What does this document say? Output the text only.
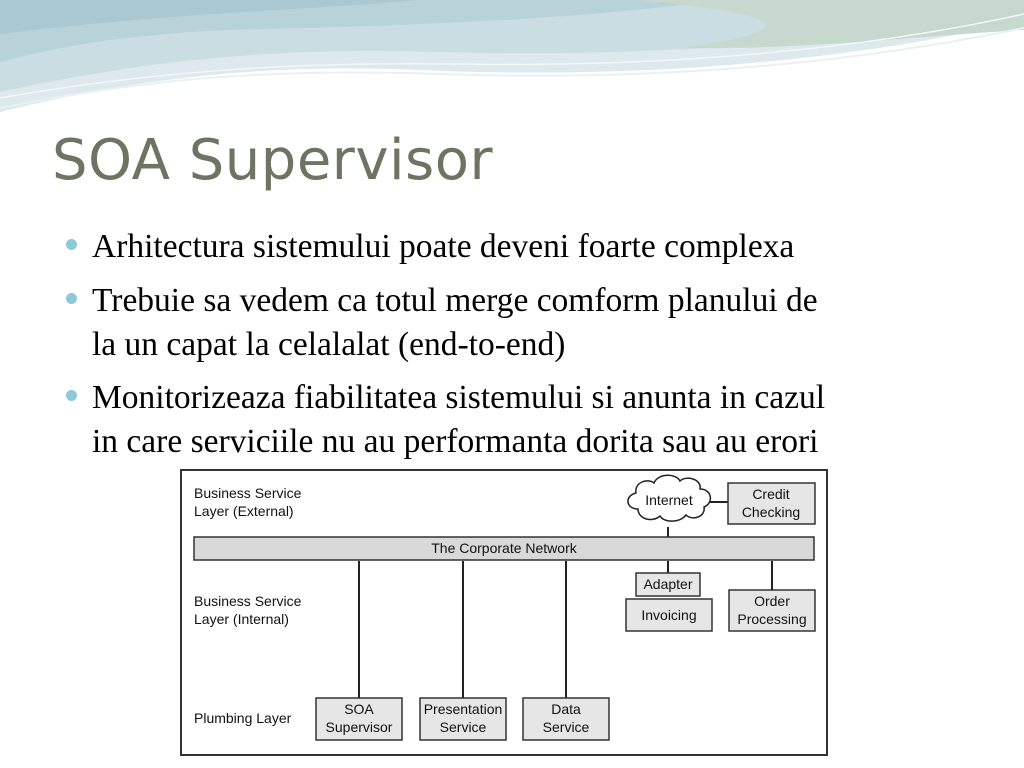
SOA Supervisor
Arhitectura sistemului poate deveni foarte complexa
Trebuie sa vedem ca totul merge comform planului de
la un capat la celalalat (end-to-end)
Monitorizeaza fiabilitatea sistemului si anunta in cazul
in care serviciile nu au performanta dorita sau au erori
Business Service
Layer (External)
Business Service
Layer (Internal)
Plumbing Layer
The Corporate Network
Internet	Credit
Checking
Adapter
Invoicing
Order
Processing
SOA
Supervisor
Presentation
Service
Data
Service
